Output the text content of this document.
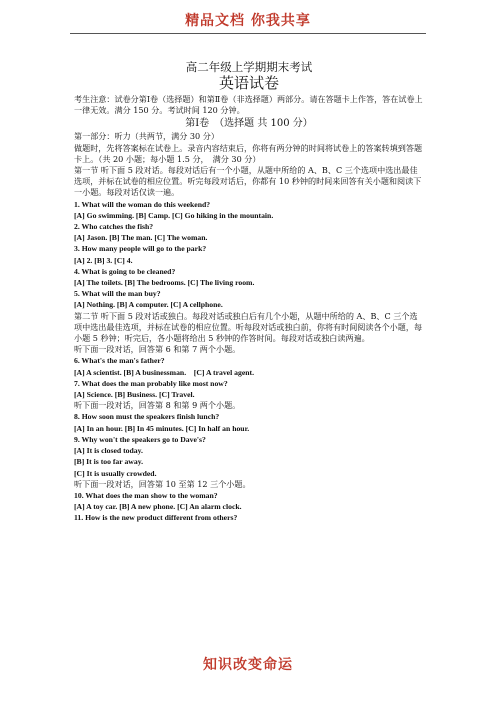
精品文档 你我共享

高二年级上学期期末考试

英语试卷

考生注意：试卷分第Ⅰ卷（选择题）和第Ⅱ卷（非选择题）两部分。请在答题卡上作答，答在试卷上一律无效。满分 150 分。考试时间 120 分钟。

第Ⅰ卷　（选择题 共 100 分）

第一部分：听力（共两节，满分 30 分）

做题时，先将答案标在试卷上。录音内容结束后，你将有两分钟的时间将试卷上的答案转填到答题卡上。（共 20 小题；每小题 1.5 分，　满分 30 分）

第一节 听下面 5 段对话。每段对话后有一个小题，从题中所给的 A、B、C 三个选项中选出最佳选项，并标在试卷的相应位置。听完每段对话后，你都有 10 秒钟的时间来回答有关小题和阅读下一小题。每段对话仅读一遍。

1. What will the woman do this weekend?

[A] Go swimming. [B] Camp. [C] Go hiking in the mountain.

2. Who catches the fish?

[A] Jason. [B] The man. [C] The woman.

3. How many people will go to the park?

[A] 2. [B] 3. [C] 4.

4. What is going to be cleaned?

[A] The toilets. [B] The bedrooms. [C] The living room.

5. What will the man buy?

[A] Nothing. [B] A computer. [C] A cellphone.

第二节 听下面 5 段对话或独白。每段对话或独白后有几个小题，从题中所给的 A、B、C 三个选项中选出最佳选项，并标在试卷的相应位置。听每段对话或独白前，你将有时间阅读各个小题，每小题 5 秒钟；听完后，各小题将给出 5 秒钟的作答时间。每段对话或独白读两遍。

听下面一段对话，回答第 6 和第 7 两个小题。

6. What's the man's father?

[A] A scientist. [B] A businessman.　[C] A travel agent.

7. What does the man probably like most now?

[A] Science. [B] Business. [C] Travel.

听下面一段对话，回答第 8 和第 9 两个小题。

8. How soon must the speakers finish lunch?

[A] In an hour. [B] In 45 minutes. [C] In half an hour.

9. Why won't the speakers go to Dave's?

[A] It is closed today.

[B] It is too far away.

[C] It is usually crowded.

听下面一段对话，回答第 10 至第 12 三个小题。

10. What does the man show to the woman?

[A] A toy car. [B] A new phone. [C] An alarm clock.

11. How is the new product different from others?

知识改变命运
